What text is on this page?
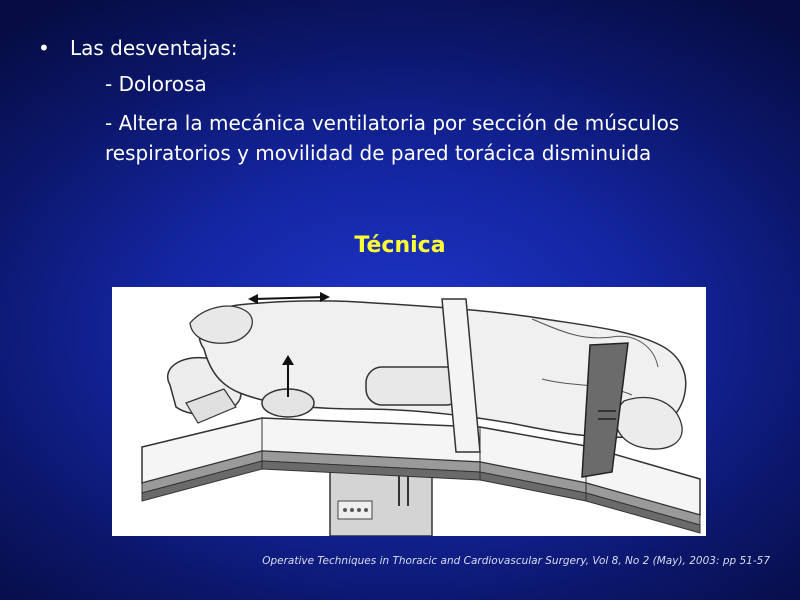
• Las desventajas:
- Dolorosa
- Altera la mecánica ventilatoria por sección de músculos
respiratorios y movilidad de pared torácica disminuida
Técnica
Operative Techniques in Thoracic and Cardiovascular Surgery, Vol 8, No 2 (May), 2003: pp 51-57
